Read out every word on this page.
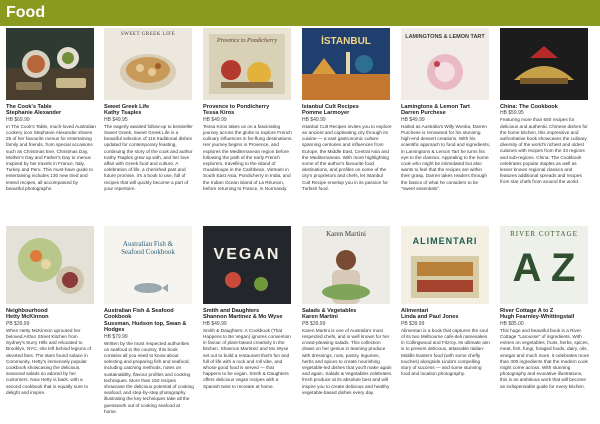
Food
The Cook's Table
Stephanie Alexander
HB $69.99
In The Cook's Table, much-loved Australian cookery icon Stephanie Alexander shares 25 of her favourite menus for entertaining family and friends, from special occasions such as Christmas Eve, Christmas Day, Mother's Day and Father's Day to menus inspired by her travels in France, Italy, Turkey and Peru. This must-have guide to entertaining includes 130 new tried and tested recipes, all accompanied by beautiful photographs.
SWEET GREEK LIFE
Sweet Greek Life
Kathy Tsaples
HB $49.95
The eagerly awaited follow-up to bestseller Sweet Greek, Sweet Greek Life is a beautiful selection of 116 traditional dishes updated for contemporary feasting, continuing the story of the cook and author Kathy Tsaples grew up with, and her love affair with Greek food and culture. A celebration of life, a cherished past and future promise, it's a book to use, full of recipes that will quickly become a part of your repertoire.
Provence to Pondicherry
Provence to Pondicherry
Tessa Kiros
HB $49.99
Tessa Kiros takes us on a fascinating journey across the globe to explore French culinary influences in far-flung destinations. Her journey begins in Provence, and explores the Mediterranean region before following the path of the early French explorers, travelling to the island of Guadeloupe in the Caribbean, Vietnam in South East Asia, Pondicherry in India, and the Indian Ocean island of La Réunion, before returning to France, in Normandy.
İSTANBUL
Istanbul Cult Recipes
Pomme Larmoyer
HB $49.99
Istanbul Cult Recipes invites you to explore an ancient and captivating city through its cuisine — a vast gastronomic culture spanning centuries and influences from Europe, the Middle East, Central Asia and the Mediterranean. With more highlighting some of the author's favourite food destinations, and profiles on some of the city's proprietors and chefs, let Istanbul Cult Recipe envelop you in its passion for Turkish food.
LAMINGTONS & LEMON TART
Lamingtons & Lemon Tart
Darren Purchese
HB $49.99
Hailed as Australia's Willy Wonka, Darren Purchese is renowned for his stunning high-end dessert creations. With his scientific approach to food and ingredients, in Lamingtons & Lemon Tart he turns his eye to the classics. Appealing to the home cook who might be intimidated but also wants to feel that the recipes are within their grasp, Darren takes readers through the basics of what he considers to be "sweet essentials".
China: The Cookbook
HB $59.95
Featuring more than 650 recipes for delicious and authentic Chinese dishes for the home kitchen, this impressive and authoritative book showcases the culinary diversity of the world's richest and oldest cuisines with recipes from the 33 regions and sub-regions. China: The Cookbook celebrates popular staples as well as lesser known regional classics and features additional spreads and recipes from star chefs from around the world.
Neighbourhood
Hetty McKinnon
PB $39.99
When Hetty McKinnon uprooted her beloved Arthur Street Kitchen from Sydney's Surry Hills and relocated to Brooklyn, NYC, she left behind legions of devoted fans. The stars found solace in Community, Hetty's immensely popular cookbook showcasing the delicious, seasonal salads so adored by her customers. Now Hetty is back, with a second cookbook that is equally sure to delight and inspire.
Australian Fish & Seafood Cookbook
Australian Fish & Seafood Cookbook
Sussman, Hudson top, Swan & Hodges
HB $79.99
Written by the most respected authorities on seafood in the country, this book contains all you need to know about selecting and preparing fish and seafood, including catching methods, notes on sustainability, flavour profiles and cooking techniques. More than 150 recipes showcase the delicious potential of cooking seafood, and step-by-step photography illustrating the key techniques take all the guesswork out of cooking seafood at home.
VEGAN
Smith and Daughters
Shannon Martinez & Mo Wyse
HB $49.99
Smith & Daughters: A Cookbook (That Happens to Be Vegan) ignores convention in favour of plant-based creativity in the kitchen. Shannon Martinez and Mo Wyse set out to build a restaurant that's fun and full of life with a rock and roll vibe, and whose good food is served — that happens to be vegan. Smith & Daughters offers delicious vegan recipes with a Spanish twist to recreate at home.
Karen Martini
Salads & Vegetables
Karen Martini
PB $39.99
Karen Martini is one of Australia's most respected chefs, and is well known for her crowd-pleasing salads. This collection draws on her genius in teaming produce with dressings, nuts, pastry, legumes, herbs and spices to create nourishing vegetable-led dishes that you'll make again and again. Salads & Vegetables celebrates fresh produce at its absolute best and will inspire you to create delicious and healthy vegetable-based dishes every day.
ALIMENTARI
Alimentari
Linda and Paul Jones
PB $39.99
Alimentari is a book that captures the soul of its two Melbourne cafe-deli namesakes in Collingwood and Fitzroy. Its ultimate aim is to present delicious, attainable Italian-Middle Eastern food (with some chefly touches) alongside Linda's compelling story of success — and some stunning food and location photography.
RIVER COTTAGE
A Z
River Cottage A to Z
Hugh Fearnley-Whittingstall
HB $85.00
This huge and beautiful book is a River Cottage "Larousse" of ingredients. With entries on vegetables, fruits, herbs, spices, meat, fish, fungi, foraged foods, dairy, oils, vinegar and much more, it celebrates more than 300 ingredients that the modern cook might come across. With stunning photography and evocative illustrations, this is an ambitious work that will become an indispensable guide for every kitchen.
